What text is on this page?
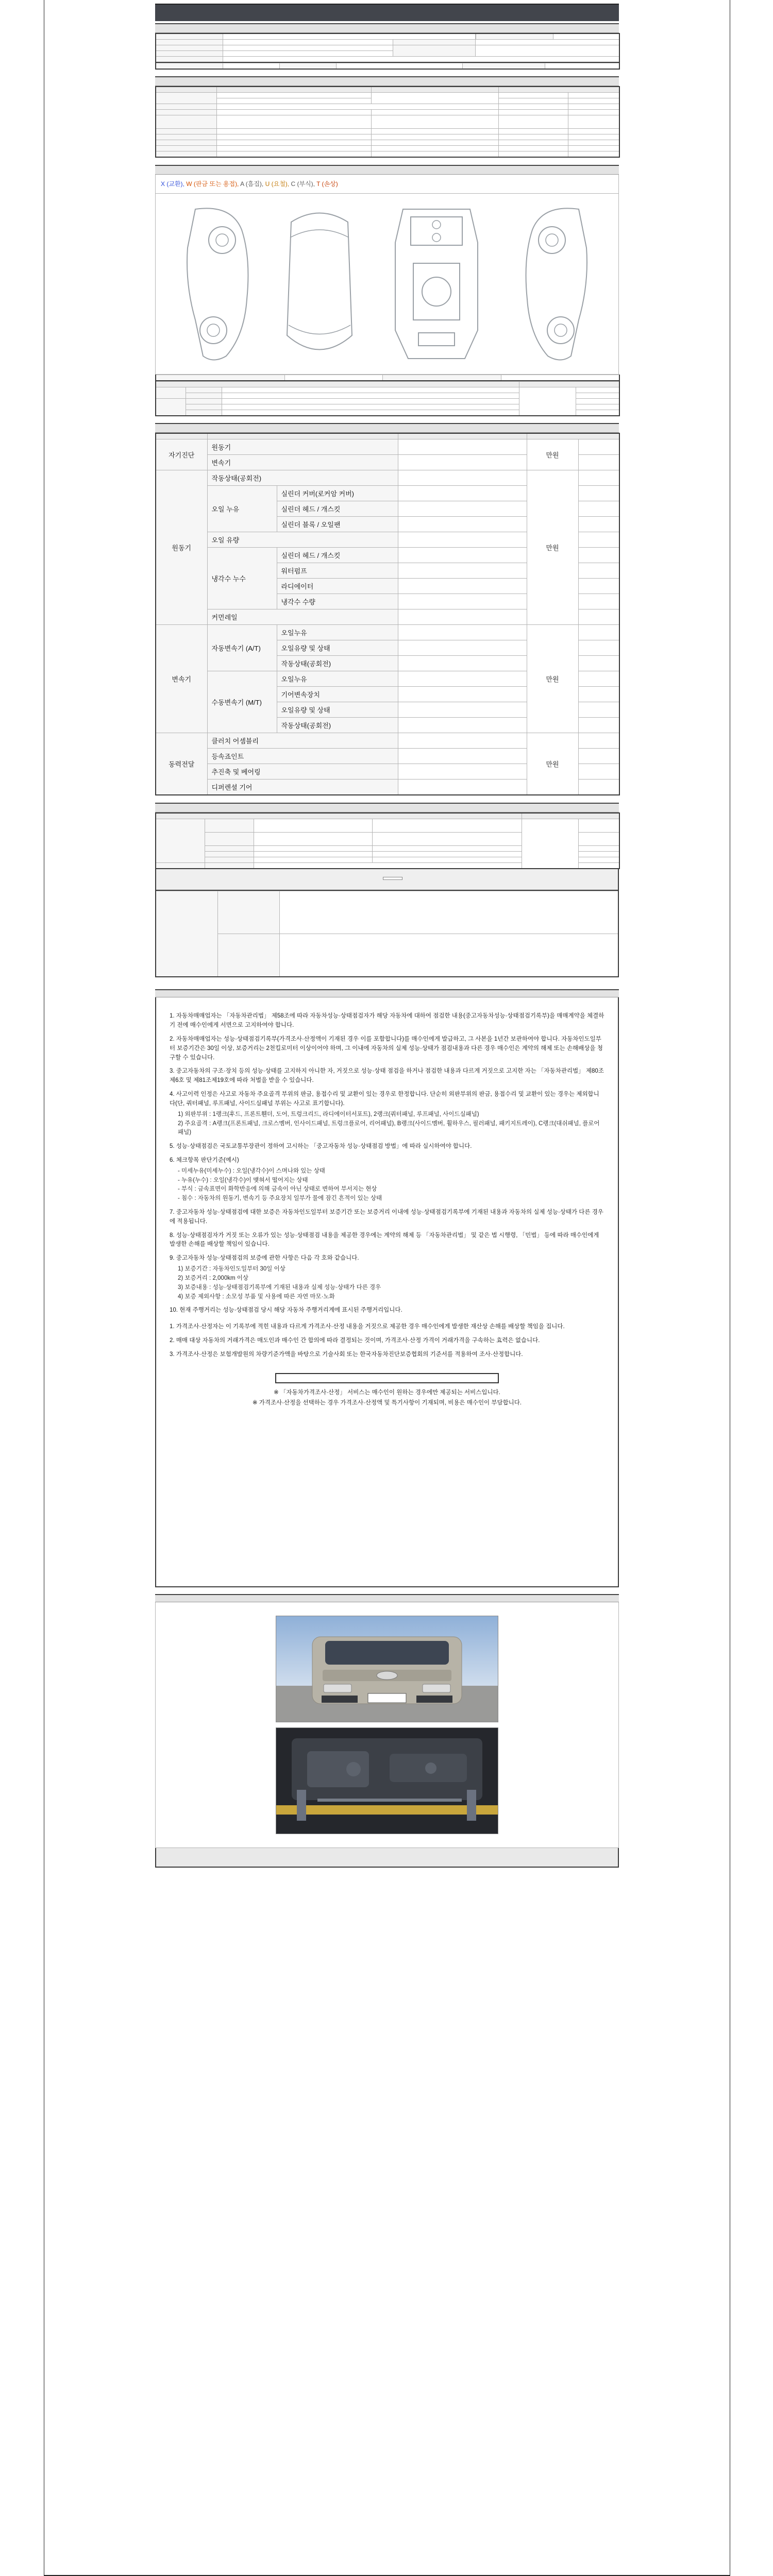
X (교환), W (판금 또는 용접), A (흠집), U (요철), C (부식), T (손상)

자기진단	원동기			만원	
	변속기				
원동기	작동상태(공회전)			만원	
	오일 누유	실린더 커버(로커암 커버)			
		실린더 헤드 / 개스킷			
		실린더 블록 / 오일팬			
	오일 유량				
	냉각수 누수	실린더 헤드 / 개스킷			
		워터펌프			
		라디에이터			
		냉각수 수량			
	커먼레일				
변속기	자동변속기 (A/T)	오일누유		만원	
		오일유량 및 상태			
		작동상태(공회전)			
	수동변속기 (M/T)	오일누유			
		기어변속장치			
		오일유량 및 상태			
		작동상태(공회전)			
동력전달	클러치 어셈블리			만원	
	등속죠인트				
	추진축 및 베어링				
	디퍼렌셜 기어				

1. 자동차매매업자는 「자동차관리법」 제58조에 따라 자동차성능·상태점검자가 해당 자동차에 대하여 점검한 내용(중고자동차성능·상태점검기록부)을 매매계약을 체결하기 전에 매수인에게 서면으로 고지하여야 합니다.
2. 자동차매매업자는 성능·상태점검기록부(가격조사·산정액이 기재된 경우 이를 포함합니다)를 매수인에게 발급하고, 그 사본을 1년간 보관하여야 합니다. 자동차인도일부터 보증기간은 30일 이상, 보증거리는 2천킬로미터 이상이어야 하며, 그 이내에 자동차의 실제 성능·상태가 점검내용과 다른 경우 매수인은 계약의 해제 또는 손해배상을 청구할 수 있습니다.
3. 중고자동차의 구조·장치 등의 성능·상태를 고지하지 아니한 자, 거짓으로 성능·상태 점검을 하거나 점검한 내용과 다르게 거짓으로 고지한 자는 「자동차관리법」 제80조제6호 및 제81조제19호에 따라 처벌을 받을 수 있습니다.
4. 사고이력 인정은 사고로 자동차 주요골격 부위의 판금, 용접수리 및 교환이 있는 경우로 한정합니다. 단순히 외판부위의 판금, 용접수리 및 교환이 있는 경우는 제외합니다(단, 쿼터패널, 루프패널, 사이드실패널 부위는 사고로 표기합니다).
1) 외판부위 : 1랭크(후드, 프론트휀더, 도어, 트렁크리드, 라디에이터서포트), 2랭크(쿼터패널, 루프패널, 사이드실패널)
2) 주요골격 : A랭크(프론트패널, 크로스멤버, 인사이드패널, 트렁크플로어, 리어패널), B랭크(사이드멤버, 휠하우스, 필러패널, 패키지트레이), C랭크(대쉬패널, 플로어패널)
5. 성능·상태점검은 국토교통부장관이 정하여 고시하는 「중고자동차 성능·상태점검 방법」에 따라 실시하여야 합니다.
6. 체크항목 판단기준(예시)
- 미세누유(미세누수) : 오일(냉각수)이 스며나와 있는 상태
- 누유(누수) : 오일(냉각수)이 맺혀서 떨어지는 상태
- 부식 : 금속표면이 화학반응에 의해 금속이 아닌 상태로 변하여 부서지는 현상
- 침수 : 자동차의 원동기, 변속기 등 주요장치 일부가 물에 잠긴 흔적이 있는 상태
7. 중고자동차 성능·상태점검에 대한 보증은 자동차인도일부터 보증기간 또는 보증거리 이내에 성능·상태점검기록부에 기재된 내용과 자동차의 실제 성능·상태가 다른 경우에 적용됩니다.
8. 성능·상태점검자가 거짓 또는 오류가 있는 성능·상태점검 내용을 제공한 경우에는 계약의 해제 등 「자동차관리법」 및 같은 법 시행령, 「민법」 등에 따라 매수인에게 발생한 손해를 배상할 책임이 있습니다.
9. 중고자동차 성능·상태점검의 보증에 관한 사항은 다음 각 호와 같습니다.
1) 보증기간 : 자동차인도일부터 30일 이상
2) 보증거리 : 2,000km 이상
3) 보증내용 : 성능·상태점검기록부에 기재된 내용과 실제 성능·상태가 다른 경우
4) 보증 제외사항 : 소모성 부품 및 사용에 따른 자연 마모·노화
10. 현재 주행거리는 성능·상태점검 당시 해당 자동차 주행거리계에 표시된 주행거리입니다.
1. 가격조사·산정자는 이 기록부에 적힌 내용과 다르게 가격조사·산정 내용을 거짓으로 제공한 경우 매수인에게 발생한 재산상 손해를 배상할 책임을 집니다.
2. 매매 대상 자동차의 거래가격은 매도인과 매수인 간 합의에 따라 결정되는 것이며, 가격조사·산정 가격이 거래가격을 구속하는 효력은 없습니다.
3. 가격조사·산정은 보험개발원의 차량기준가액을 바탕으로 기술사회 또는 한국자동차진단보증협회의 기준서를 적용하여 조사·산정합니다.
※ 「자동차가격조사·산정」 서비스는 매수인이 원하는 경우에만 제공되는 서비스입니다.
※ 가격조사·산정을 선택하는 경우 가격조사·산정액 및 특기사항이 기재되며, 비용은 매수인이 부담합니다.
